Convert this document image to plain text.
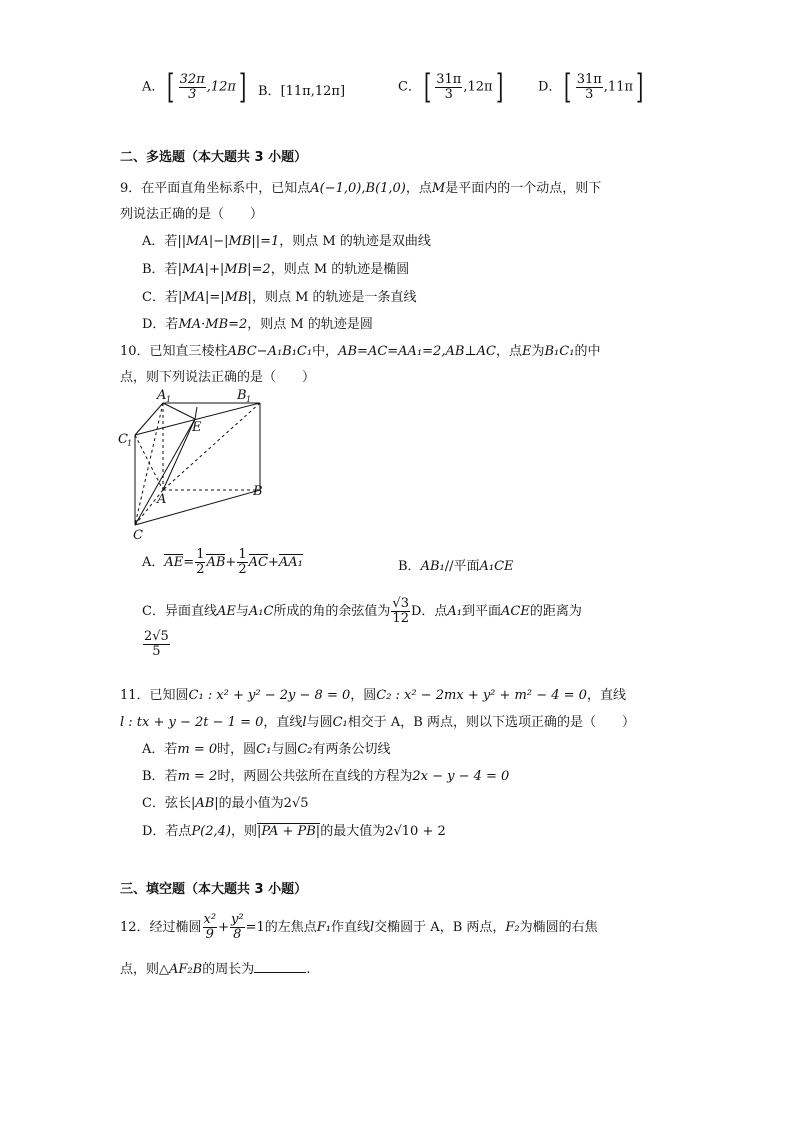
A．[ $\frac{32\pi}{3} ,12\pi$] B．[11π,12π]	C．[ $\frac{31\pi}{3} ,12\pi$]	D．[ $\frac{31\pi}{3} ,11\pi$]
二、多选题（本大题共 3 小题）
9．在平面直角坐标系中，已知点A(−1,0),B(1,0)，点M是平面内的一个动点，则下
列说法正确的是（　　）
A．若||MA|−|MB||=1，则点 M 的轨迹是双曲线
B．若|MA|+|MB|=2，则点 M 的轨迹是椭圆
C．若|MA|=|MB|，则点 M 的轨迹是一条直线
D．若MA·MB=2，则点 M 的轨迹是圆
10．已知直三棱柱ABC−A₁B₁C₁中，AB=AC=AA₁=2,AB⊥AC，点E为B₁C₁的中
点，则下列说法正确的是（　　）
A 1	B 1
C 1
E
A
B
C
A．$AE= \frac{1}{2} AB+ \frac{1}{2} AC+AA_1$	B．AB₁//平面A₁CE
C．异面直线AE与A₁C所成的角的余弦值为 $\frac{√3}{12}$ D．点A₁到平面ACE的距离为
$\frac{2√5}{5}$
11．已知圆C₁ : x² + y² − 2y − 8 = 0，圆C₂ : x² − 2mx + y² + m² − 4 = 0，直线
l : tx + y − 2t − 1 = 0，直线l与圆C₁相交于 A，B 两点，则以下选项正确的是（　　）
A．若m = 0时，圆C₁与圆C₂有两条公切线
B．若m = 2时，两圆公共弦所在直线的方程为2x − y − 4 = 0
C．弦长|AB|的最小值为2√5
D．若点P(2,4)，则|PA + PB|的最大值为2√10 + 2
三、填空题（本大题共 3 小题）
12．经过椭圆 $\frac{\text{x²}}{9} + \frac{\text{y²}}{8} =1$的左焦点F₁作直线l交椭圆于 A，B 两点，F₂为椭圆的右焦
点，则△AF₂B的周长为	.
